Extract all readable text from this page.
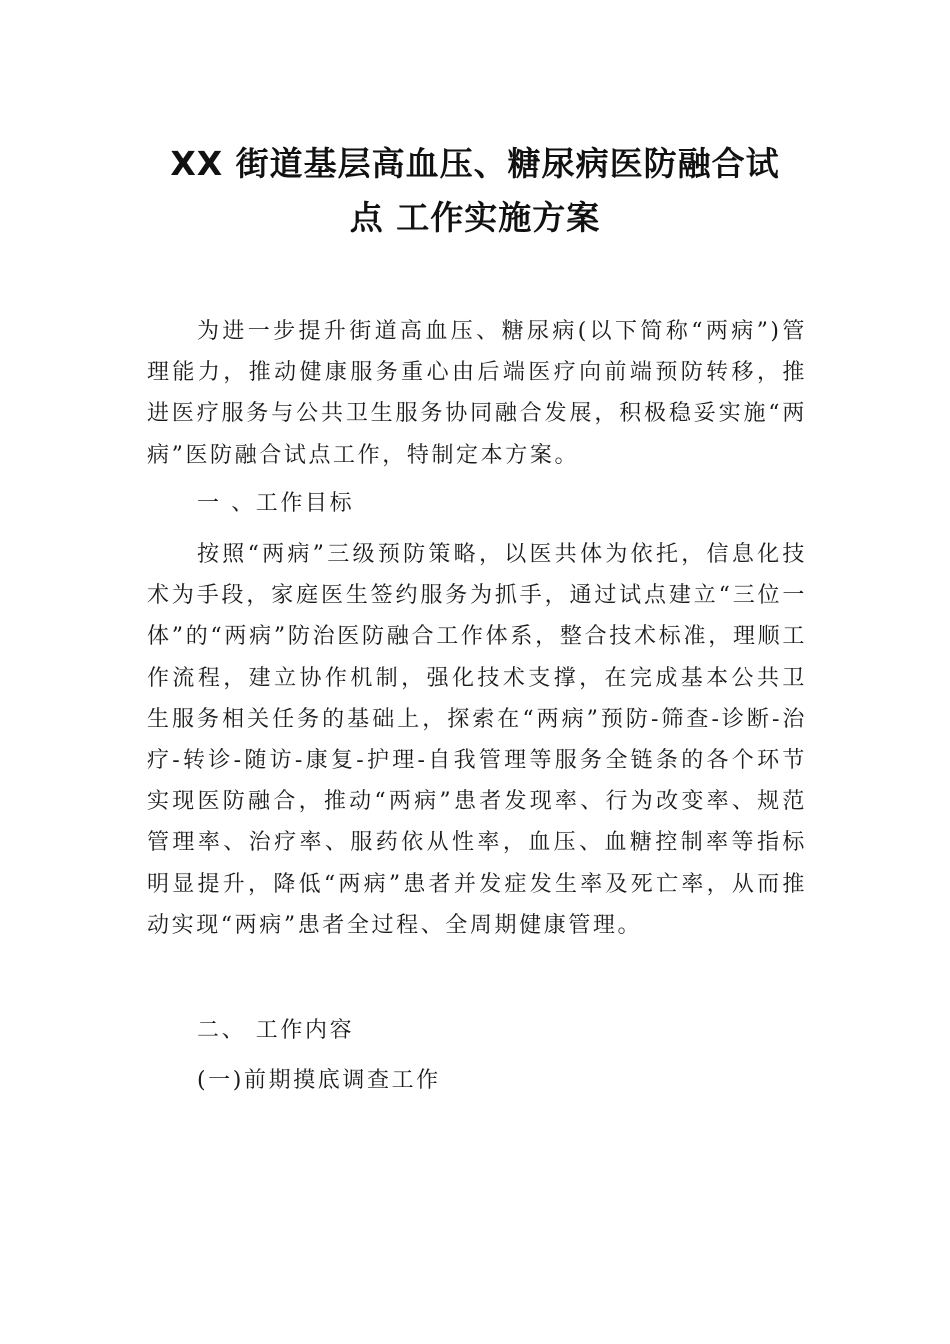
XX 街道基层高血压、糖尿病医防融合试
点 工作实施方案

为进一步提升街道高血压、糖尿病(以下简称“两病”)管理能力，推动健康服务重心由后端医疗向前端预防转移，推进医疗服务与公共卫生服务协同融合发展，积极稳妥实施“两病”医防融合试点工作，特制定本方案。

一 、工作目标

按照“两病”三级预防策略，以医共体为依托，信息化技术为手段，家庭医生签约服务为抓手，通过试点建立“三位一体”的“两病”防治医防融合工作体系，整合技术标准，理顺工作流程，建立协作机制，强化技术支撑，在完成基本公共卫生服务相关任务的基础上，探索在“两病”预防-筛查-诊断-治疗-转诊-随访-康复-护理-自我管理等服务全链条的各个环节实现医防融合，推动“两病”患者发现率、行为改变率、规范管理率、治疗率、服药依从性率，血压、血糖控制率等指标明显提升，降低“两病”患者并发症发生率及死亡率，从而推动实现“两病”患者全过程、全周期健康管理。

二、 工作内容

(一)前期摸底调查工作
